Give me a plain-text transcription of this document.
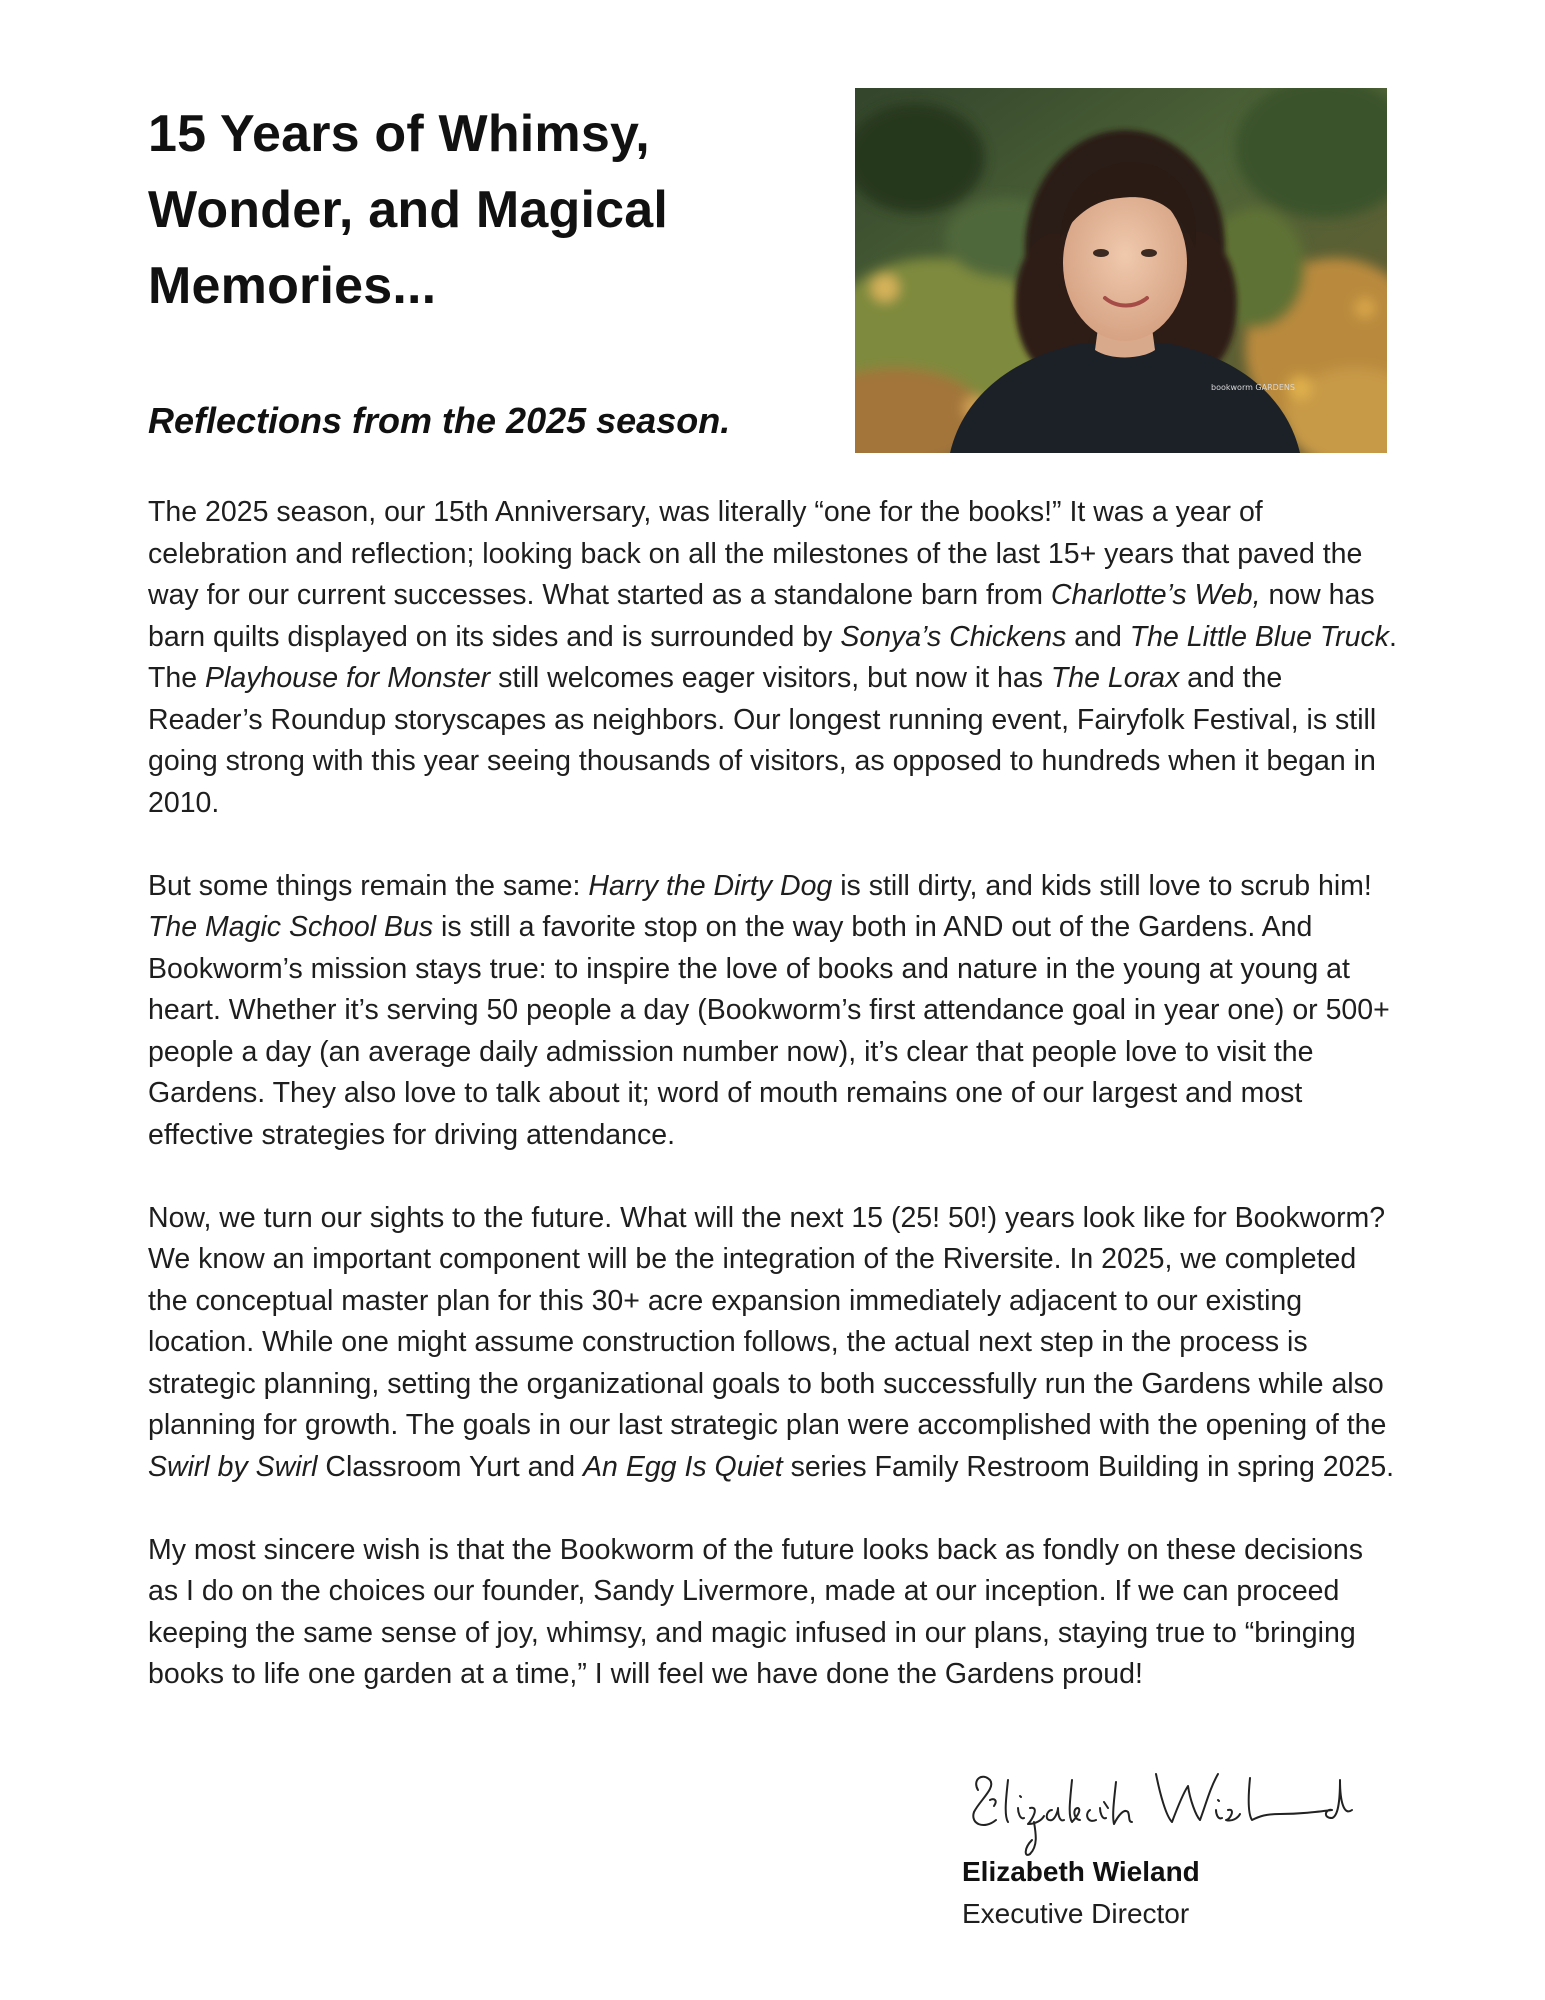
15 Years of Whimsy,
Wonder, and Magical
Memories...
Reflections from the 2025 season.
bookworm GARDENS

The 2025 season, our 15th Anniversary, was literally “one for the books!” It was a year of celebration and reflection; looking back on all the milestones of the last 15+ years that paved the way for our current successes. What started as a standalone barn from Charlotte’s Web, now has barn quilts displayed on its sides and is surrounded by Sonya’s Chickens and The Little Blue Truck. The Playhouse for Monster still welcomes eager visitors, but now it has The Lorax and the Reader’s Roundup storyscapes as neighbors. Our longest running event, Fairyfolk Festival, is still going strong with this year seeing thousands of visitors, as opposed to hundreds when it began in 2010.

But some things remain the same: Harry the Dirty Dog is still dirty, and kids still love to scrub him! The Magic School Bus is still a favorite stop on the way both in AND out of the Gardens. And Bookworm’s mission stays true: to inspire the love of books and nature in the young at young at heart. Whether it’s serving 50 people a day (Bookworm’s first attendance goal in year one) or 500+ people a day (an average daily admission number now), it’s clear that people love to visit the Gardens. They also love to talk about it; word of mouth remains one of our largest and most effective strategies for driving attendance.

Now, we turn our sights to the future. What will the next 15 (25! 50!) years look like for Bookworm? We know an important component will be the integration of the Riversite. In 2025, we completed the conceptual master plan for this 30+ acre expansion immediately adjacent to our existing location. While one might assume construction follows, the actual next step in the process is strategic planning, setting the organizational goals to both successfully run the Gardens while also planning for growth. The goals in our last strategic plan were accomplished with the opening of the Swirl by Swirl Classroom Yurt and An Egg Is Quiet series Family Restroom Building in spring 2025.

My most sincere wish is that the Bookworm of the future looks back as fondly on these decisions as I do on the choices our founder, Sandy Livermore, made at our inception. If we can proceed keeping the same sense of joy, whimsy, and magic infused in our plans, staying true to “bringing books to life one garden at a time,” I will feel we have done the Gardens proud!

Elizabeth Wieland
Executive Director
